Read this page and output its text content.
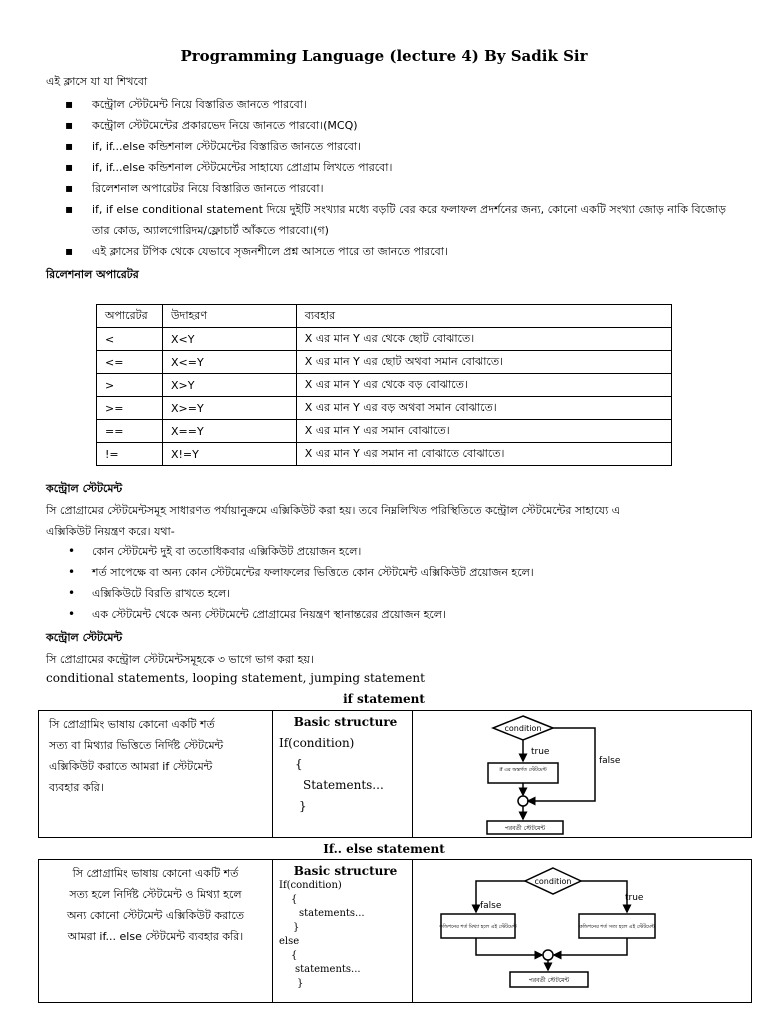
Programming Language (lecture 4) By Sadik Sir
এই ক্লাসে যা যা শিখবো
▪ কন্ট্রোল স্টেটমেন্ট নিয়ে বিস্তারিত জানতে পারবো।
▪ কন্ট্রোল স্টেটমেন্টের প্রকারভেদ নিয়ে জানতে পারবো।(MCQ)
▪ if, if...else কন্ডিশনাল স্টেটমেন্টের বিস্তারিত জানতে পারবো।
▪ if, if...else কন্ডিশনাল স্টেটমেন্টের সাহায্যে প্রোগ্রাম লিখতে পারবো।
▪ রিলেশনাল অপারেটর নিয়ে বিস্তারিত জানতে পারবো।
▪ if, if else conditional statement দিয়ে দুইটি সংখ্যার মধ্যে বড়টি বের করে ফলাফল প্রদর্শনের জন্য, কোনো একটি সংখ্যা জোড় নাকি বিজোড় তার কোড, অ্যালগোরিদম/ফ্লোচার্ট আঁকতে পারবো।(গ)
▪ এই ক্লাসের টপিক থেকে যেভাবে সৃজনশীলে প্রশ্ন আসতে পারে তা জানতে পারবো।
রিলেশনাল অপারেটর
অপারেটর	উদাহরণ	ব্যবহার
<	X<Y	X এর মান Y এর থেকে ছোট বোঝাতে।
<=	X<=Y	X এর মান Y এর ছোট অথবা সমান বোঝাতে।
>	X>Y	X এর মান Y এর থেকে বড় বোঝাতে।
>=	X>=Y	X এর মান Y এর বড় অথবা সমান বোঝাতে।
==	X==Y	X এর মান Y এর সমান বোঝাতে।
!=	X!=Y	X এর মান Y এর সমান না বোঝাতে বোঝাতে।
কন্ট্রোল স্টেটমেন্ট
সি প্রোগ্রামের স্টেটমেন্টসমূহ সাধারণত পর্যায়ানুক্রমে এক্সিকিউট করা হয়। তবে নিম্নলিখিত পরিস্থিতিতে কন্ট্রোল স্টেটমেন্টের সাহায্যে এ
এক্সিকিউট নিয়ন্ত্রণ করে। যথা-
• কোন স্টেটমেন্ট দুই বা ততোধিকবার এক্সিকিউট প্রয়োজন হলে।
• শর্ত সাপেক্ষে বা অন্য কোন স্টেটমেন্টের ফলাফলের ভিত্তিতে কোন স্টেটমেন্ট এক্সিকিউট প্রয়োজন হলে।
• এক্সিকিউটে বিরতি রাখতে হলে।
• এক স্টেটমেন্ট থেকে অন্য স্টেটমেন্টে প্রোগ্রামের নিয়ন্ত্রণ স্থানান্তরের প্রয়োজন হলে।
কন্ট্রোল স্টেটমেন্ট
সি প্রোগ্রামের কন্ট্রোল স্টেটমেন্টসমূহকে ৩ ভাগে ভাগ করা হয়।
conditional statements, looping statement, jumping statement
if statement
সি প্রোগ্রামিং ভাষায় কোনো একটি শর্ত
সত্য বা মিথ্যার ভিত্তিতে নির্দিষ্ট স্টেটমেন্ট
এক্সিকিউট করাতে আমরা if স্টেটমেন্ট
ব্যবহার করি।
Basic structure
If(condition)
{
Statements...
}
condition
true
if এর অন্তর্গত স্টেটমেন্ট
পরবর্তী স্টেটমেন্ট
false
If.. else statement
সি প্রোগ্রামিং ভাষায় কোনো একটি শর্ত
সত্য হলে নির্দিষ্ট স্টেটমেন্ট ও মিথ্যা হলে
অন্য কোনো স্টেটমেন্ট এক্সিকিউট করাতে
আমরা if... else স্টেটমেন্ট ব্যবহার করি।
Basic structure
If(condition)
{
statements...
}
else
{
statements...
}
condition
false
true
কন্ডিশনের শর্ত মিথ্যা হলে এই স্টেটমেন্ট	কন্ডিশনের শর্ত সত্য হলে এই স্টেটমেন্ট
পরবর্তী স্টেটমেন্ট
